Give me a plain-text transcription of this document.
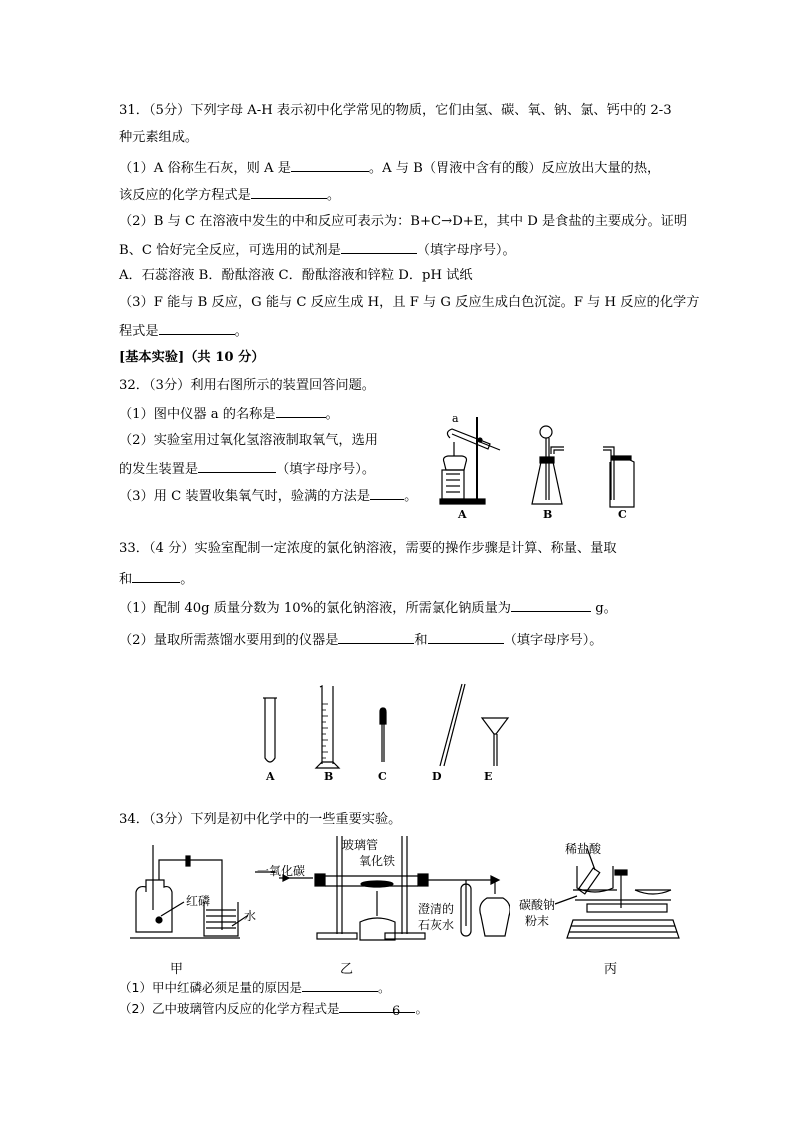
31．（5分）下列字母 A-H 表示初中化学常见的物质，它们由氢、碳、氧、钠、氯、钙中的 2-3
种元素组成。
（1）A 俗称生石灰，则 A 是	。A 与 B（胃液中含有的酸）反应放出大量的热，
该反应的化学方程式是	。
（2）B 与 C 在溶液中发生的中和反应可表示为：B+C→D+E，其中 D 是食盐的主要成分。证明
B、C 恰好完全反应，可选用的试剂是	（填字母序号）。
A．石蕊溶液 B．酚酞溶液 C．酚酞溶液和锌粒 D．pH 试纸
（3）F 能与 B 反应，G 能与 C 反应生成 H，且 F 与 G 反应生成白色沉淀。F 与 H 反应的化学方
程式是	。
[基本实验]（共 10 分）
32．（3分）利用右图所示的装置回答问题。
（1）图中仪器 a 的名称是	。
（2）实验室用过氧化氢溶液制取氧气，选用
的发生装置是	（填字母序号）。
（3）用 C 装置收集氧气时，验满的方法是	。
a
A	B	C
33．（4 分）实验室配制一定浓度的氯化钠溶液，需要的操作步骤是计算、称量、量取
和	。
（1）配制 40g 质量分数为 10%的氯化钠溶液，所需氯化钠质量为	g。
（2）量取所需蒸馏水要用到的仪器是	和	（填字母序号）。
A	B	C	D	E
34．（3分）下列是初中化学中的一些重要实验。
红磷
水
玻璃管
氧化铁
一氧化碳
澄清的
石灰水
稀盐酸
碳酸钠
粉末
甲	乙	丙
（1）甲中红磷必须足量的原因是	。
（2）乙中玻璃管内反应的化学方程式是	。
6
